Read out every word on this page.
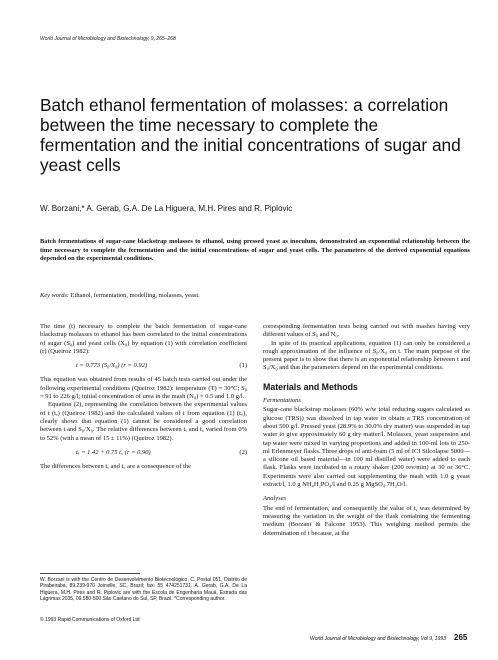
World Journal of Microbiology and Biotechnology, 9, 265–268
Batch ethanol fermentation of molasses: a correlation between the time necessary to complete the fermentation and the initial concentrations of sugar and yeast cells
W. Borzani,* A. Gerab, G.A. De La Higuera, M.H. Pires and R. Piplovic

Batch fermentations of sugar-cane blackstrap molasses to ethanol, using pressed yeast as inoculum, demonstrated an exponential relationship between the time necessary to complete the fermentation and the initial concentrations of sugar and yeast cells. The parameters of the derived exponential equations depended on the experimental conditions.

Key words: Ethanol, fermentation, modelling, molasses, yeast.

The time (t) necessary to complete the batch fermentation of sugar-cane blackstrap molasses to ethanol has been correlated to the initial concentrations of sugar (S₀) and yeast cells (X₀) by equation (1) with correlation coefficient (r) (Queiroz 1982):

t = 0.773 (S₀/X₀) (r = 0.92)	(1)

This equation was obtained from results of 45 batch tests carried out under the following experimental conditions (Queiroz 1982): temperature (T) = 30°C; S₀ = 91 to 226 g/l; initial concentration of urea in the mash (N₀) = 0.5 and 1.0 g/l.

Equation (2), representing the correlation between the experimental values of t (tₑ) (Queiroz 1982) and the calculated values of t from equation (1) (t꜀), clearly shows that equation (1) cannot be considered a good correlation between t and S₀/X₀. The relative differences between tₑ and t꜀ varied from 0% to 52% (with a mean of 15 ± 11%) (Queiroz 1982).

tₑ = 1.42 + 0.75 t꜀ (r = 0.90)	(2)

The differences between tₑ and t꜀ are a consequence of the

corresponding fermentation tests being carried out with mashes having very different values of S₀ and N₀.

In spite of its practical applications, equation (1) can only be considered a rough approximation of the influence of S₀/X₀ on t. The main purpose of the present paper is to show that there is an exponential relationship between t and S₀/X₀ and that the parameters depend on the experimental conditions.

Materials and Methods
Fermentations

Sugar-cane blackstrap molasses (60% w/w total reducing sugars calculated as glucose (TRS)) was dissolved in tap water to obtain a TRS concentration of about 500 g/l. Pressed yeast (28.9% to 30.0% dry matter) was suspended in tap water to give approximately 60 g dry matter/l. Molasses, yeast suspension and tap water were mixed in varying proportions and added in 100-ml lots to 250-ml Erlenmeyer flasks. Three drops of anti-foam (5 ml of ICI Silcolapse 5000—a silicone oil based material—in 100 ml distilled water) were added to each flask. Flasks were incubated in a rotary shaker (200 rev/min) at 30 or 36°C. Experiments were also carried out supplementing the mash with 1.0 g yeast extract/l, 1.0 g NH₄H₂PO₄/l and 0.25 g MgSO₄.7H₂O/l.

Analyses

The end of fermentation, and consequently the value of t, was determined by measuring the variation in the weight of the flask containing the fermenting medium (Borzani & Falcone 1953). This weighing method permits the determination of t because, at the

W. Borzani is with the Centro de Desenvolvimento Biotecnológico, C. Postal 051, Distrito de Pirabeiraba, 89.239-970 Joinville, SC, Brazil; fax: 55 474251731. A. Gerab, G.A. De La Higuera, M.H. Pires and R. Piplovic are with the Escola de Engenharia Mauá, Estrada das Lágrimas 2035, 09.580-500 São Caetano do Sul, SP, Brazil. *Corresponding author.
© 1993 Rapid Communications of Oxford Ltd
World Journal of Microbiology and Biotechnology, Vol 9, 1993 265
